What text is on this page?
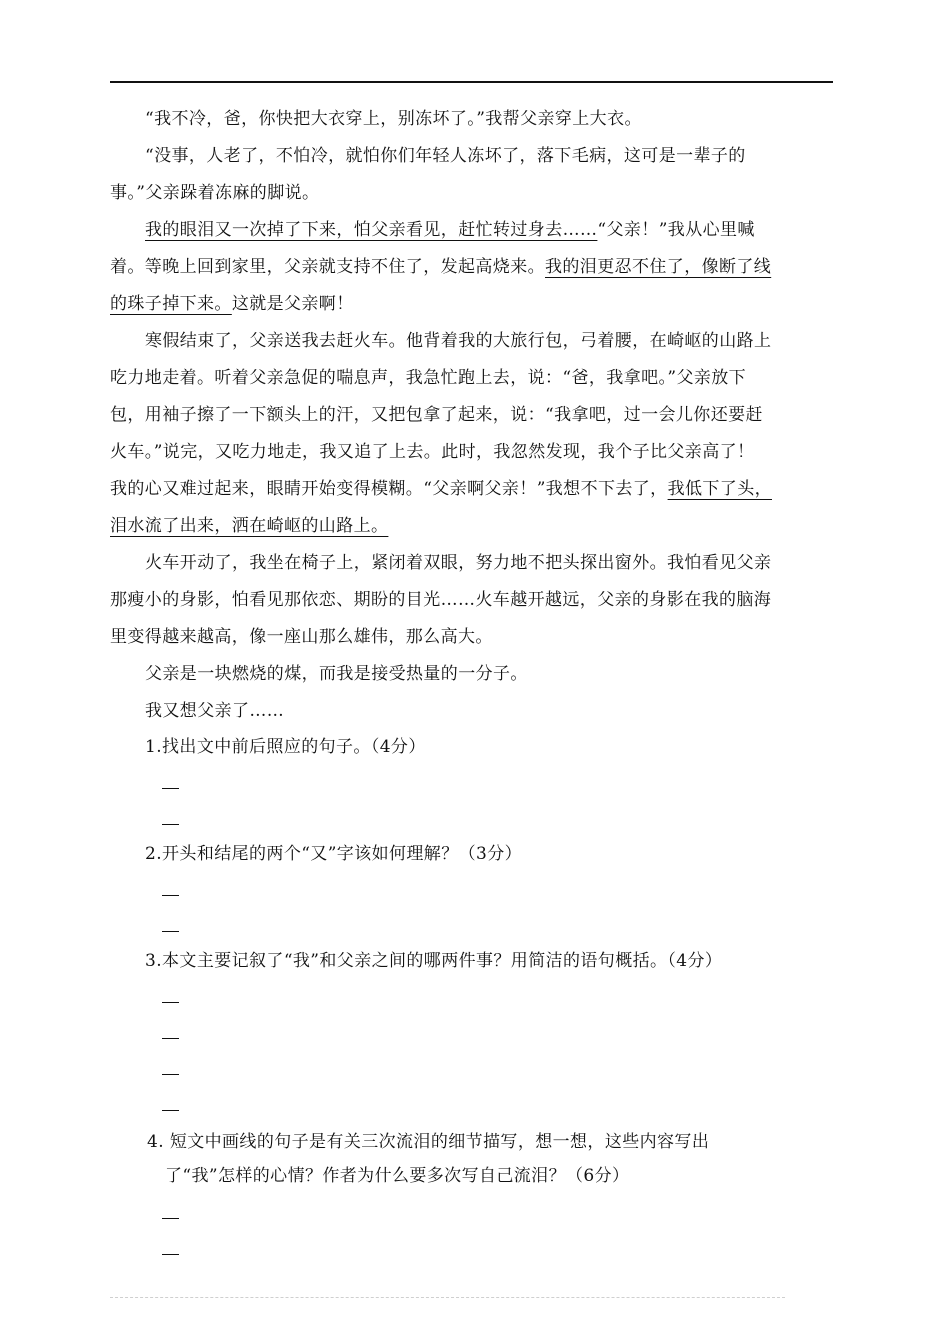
“我不冷，爸，你快把大衣穿上，别冻坏了。”我帮父亲穿上大衣。
“没事，人老了，不怕冷，就怕你们年轻人冻坏了，落下毛病，这可是一辈子的
事。”父亲跺着冻麻的脚说。
我的眼泪又一次掉了下来，怕父亲看见，赶忙转过身去……“父亲！”我从心里喊
着。等晚上回到家里，父亲就支持不住了，发起高烧来。我的泪更忍不住了，像断了线
的珠子掉下来。这就是父亲啊！
寒假结束了，父亲送我去赶火车。他背着我的大旅行包，弓着腰，在崎岖的山路上
吃力地走着。听着父亲急促的喘息声，我急忙跑上去，说：“爸，我拿吧。”父亲放下
包，用袖子擦了一下额头上的汗，又把包拿了起来，说：“我拿吧，过一会儿你还要赶
火车。”说完，又吃力地走，我又追了上去。此时，我忽然发现，我个子比父亲高了！
我的心又难过起来，眼睛开始变得模糊。“父亲啊父亲！”我想不下去了，我低下了头，
泪水流了出来，洒在崎岖的山路上。
火车开动了，我坐在椅子上，紧闭着双眼，努力地不把头探出窗外。我怕看见父亲
那瘦小的身影，怕看见那依恋、期盼的目光……火车越开越远，父亲的身影在我的脑海
里变得越来越高，像一座山那么雄伟，那么高大。
父亲是一块燃烧的煤，而我是接受热量的一分子。
我又想父亲了……
1.找出文中前后照应的句子。（4分）
2.开头和结尾的两个“又”字该如何理解？（3分）
3.本文主要记叙了“我”和父亲之间的哪两件事？用简洁的语句概括。（4分）
4. 短文中画线的句子是有关三次流泪的细节描写，想一想，这些内容写出
了“我”怎样的心情？作者为什么要多次写自己流泪？（6分）
